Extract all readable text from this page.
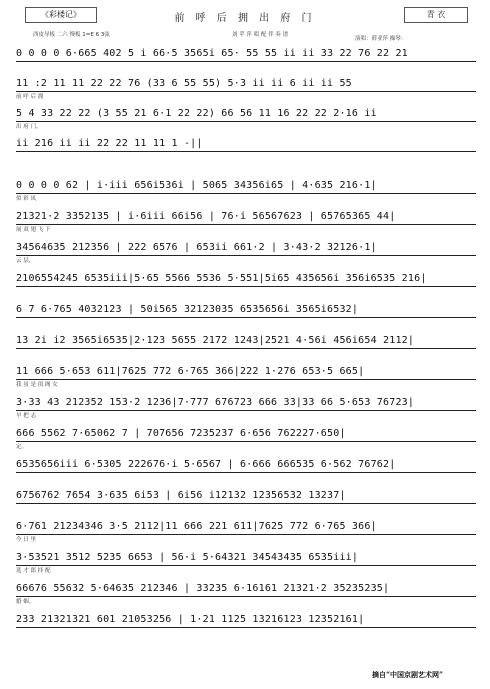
《彩楼记》	前 呼 后 拥 出 府 门	青 衣
西皮导板 二六 慢板 1=E 6 3弦	刘 苹 萍 唱 配 伴 奏 谱
演唱：薛亚萍 操琴：
0 0 0 0 6·665 402 5 i 66·5 3565i 65· 55 55 ii ii 33 22 76 22 21
11 :2 11 11 22 22 76 (33 6 55 55) 5·3 ii ii 6 ii ii 55
前 呼 后 拥
5 4 33 22 22 (3 55 21 6·1 22 22) 66 56 11 16 22 22 2·16 ii
出 府 门。
ii 216 ii ii 22 22 11 11 1 -||
0 0 0 0 62 | i·iii 656i536i | 5065 34356i65 | 4·635 216·1|
似 彩 凤
21321·2 3352135 | i·6iii 66i56 | 76·i 56567623 | 65765365 44|
展 双 翅 飞 下
34564635 212356 | 222 6576 | 653ii 661·2 | 3·43·2 32126·1|
云 层，
2106554245 6535iii|5·65 5566 5536 5·551|5i65 435656i 356i6535 216|
6 7 6·765 4032123 | 50i565 32123035 6535656i 3565i6532|
13 2i i2 3565i6535|2·123 5655 2172 1243|2521 4·56i 456i654 2112|
11 666 5·653 611|7625 772 6·765 366|222 1·276 653·5 665|
我 虽 是 闺 阁 女
3·33 43 212352 153·2 1236|7·777 676723 666 33|33 66 5·653 76723|
早 把 志
666 5562 7·65062 7 | 707656 7235237 6·656 762227·650|
定。
6535656iii 6·5305 222676·i 5·6567 | 6·666 666535 6·562 76762|
6756762 7654 3·635 6i53 | 6i56 i12132 12356532 13237|
6·761 21234346 3·5 2112|11 666 221 611|7625 772 6·765 366|
今 日 里
3·53521 3512 5235 6653 | 56·i 5·64321 34543435 6535iii|
选 才 郎 择 配
66676 55632 5·64635 212346 | 33235 6·16161 21321·2 35235235|
婚 姻。
233 21321321 601 21053256 | 1·21 1125 13216123 12352161|
摘自“中国京剧艺术网”
